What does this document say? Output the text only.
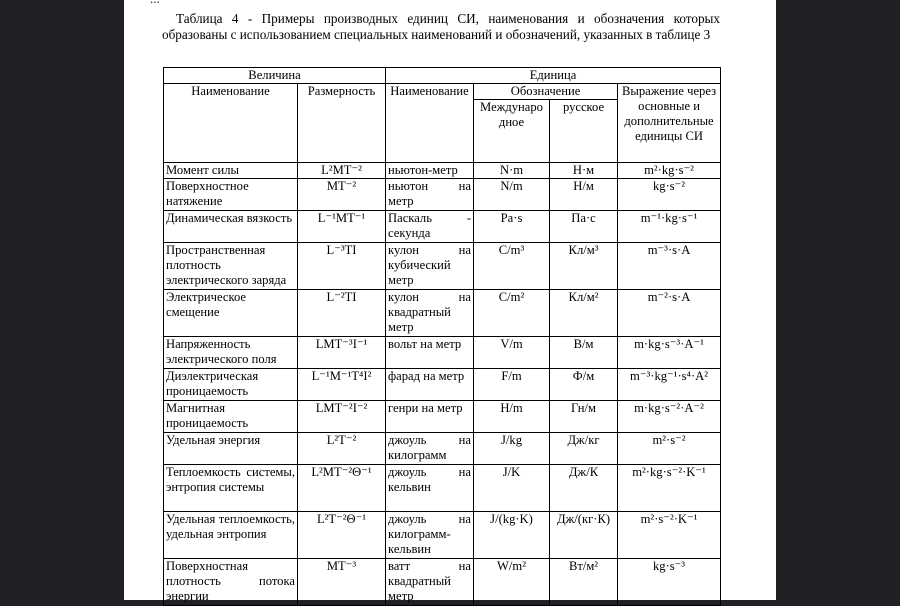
Таблица 4 - Примеры производных единиц СИ, наименования и обозначения которых образованы с использованием специальных наименований и обозначений, указанных в таблице 3
Величина		Единица			
Наименование	Размерность	Наименование	Обозначение		Выражение через основные и дополнительные единицы СИ
			Междунаро дное	русское	
Момент силы	L²MT⁻²	ньютон-метр	N·m	Н·м	m²·kg·s⁻²
Поверхностное натяжение	MT⁻²	ньютон на метр	N/m	Н/м	kg·s⁻²
Динамическая вязкость	L⁻¹MT⁻¹	Паскаль - секунда	Pa·s	Па·с	m⁻¹·kg·s⁻¹
Пространственная плотность электрического заряда	L⁻³TI	кулон на кубический метр	C/m³	Кл/м³	m⁻³·s·A
Электрическое смещение	L⁻²TI	кулон на квадратный метр	C/m²	Кл/м²	m⁻²·s·A
Напряженность электрического поля	LMT⁻³I⁻¹	вольт на метр	V/m	В/м	m·kg·s⁻³·A⁻¹
Диэлектрическая проницаемость	L⁻¹M⁻¹T⁴I²	фарад на метр	F/m	Ф/м	m⁻³·kg⁻¹·s⁴·A²
Магнитная проницаемость	LMT⁻²I⁻²	генри на метр	H/m	Гн/м	m·kg·s⁻²·A⁻²
Удельная энергия	L²T⁻²	джоуль на килограмм	J/kg	Дж/кг	m²·s⁻²
Теплоемкость системы, энтропия системы	L²MT⁻²Θ⁻¹	джоуль на кельвин	J/K	Дж/К	m²·kg·s⁻²·K⁻¹
Удельная теплоемкость, удельная энтропия	L²T⁻²Θ⁻¹	джоуль на килограмм-кельвин	J/(kg·K)	Дж/(кг·К)	m²·s⁻²·K⁻¹
Поверхностная плотность потока энергии	MT⁻³	ватт на квадратный метр	W/m²	Вт/м²	kg·s⁻³
